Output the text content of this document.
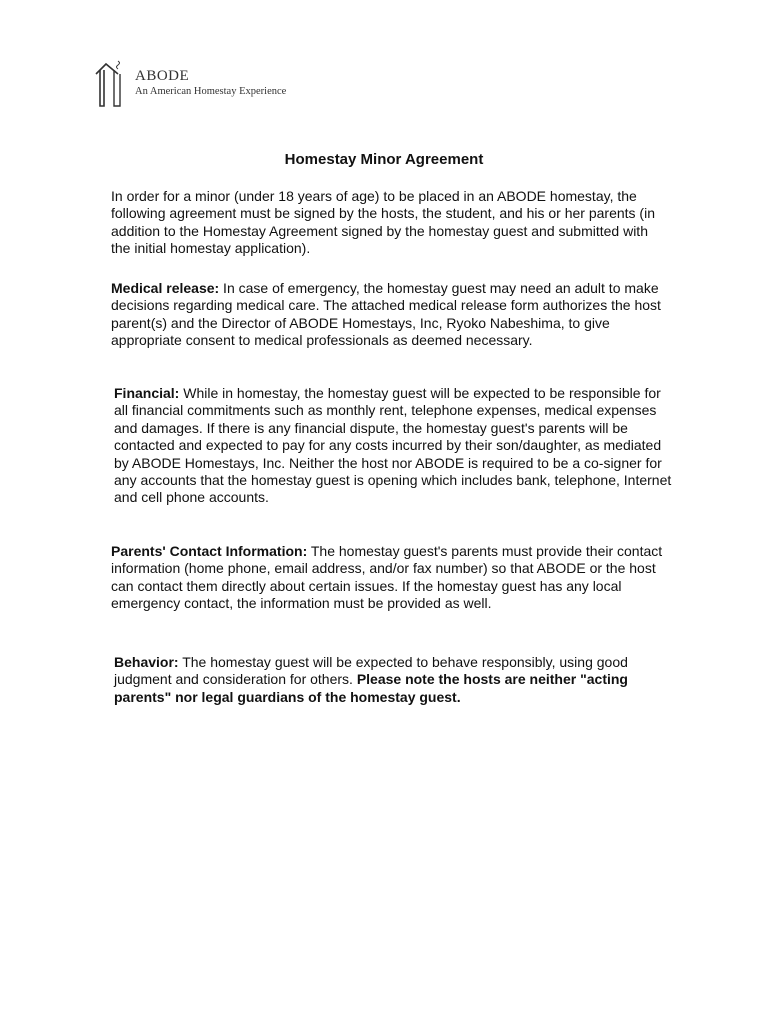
ABODE
An American Homestay Experience
Homestay Minor Agreement

In order for a minor (under 18 years of age) to be placed in an ABODE homestay, the following agreement must be signed by the hosts, the student, and his or her parents (in addition to the Homestay Agreement signed by the homestay guest and submitted with the initial homestay application).

Medical release: In case of emergency, the homestay guest may need an adult to make decisions regarding medical care. The attached medical release form authorizes the host parent(s) and the Director of ABODE Homestays, Inc, Ryoko Nabeshima, to give appropriate consent to medical professionals as deemed necessary.

Financial: While in homestay, the homestay guest will be expected to be responsible for all financial commitments such as monthly rent, telephone expenses, medical expenses and damages. If there is any financial dispute, the homestay guest's parents will be contacted and expected to pay for any costs incurred by their son/daughter, as mediated by ABODE Homestays, Inc. Neither the host nor ABODE is required to be a co-signer for any accounts that the homestay guest is opening which includes bank, telephone, Internet and cell phone accounts.

Parents' Contact Information: The homestay guest's parents must provide their contact information (home phone, email address, and/or fax number) so that ABODE or the host can contact them directly about certain issues. If the homestay guest has any local emergency contact, the information must be provided as well.

Behavior: The homestay guest will be expected to behave responsibly, using good judgment and consideration for others. Please note the hosts are neither "acting parents" nor legal guardians of the homestay guest.
